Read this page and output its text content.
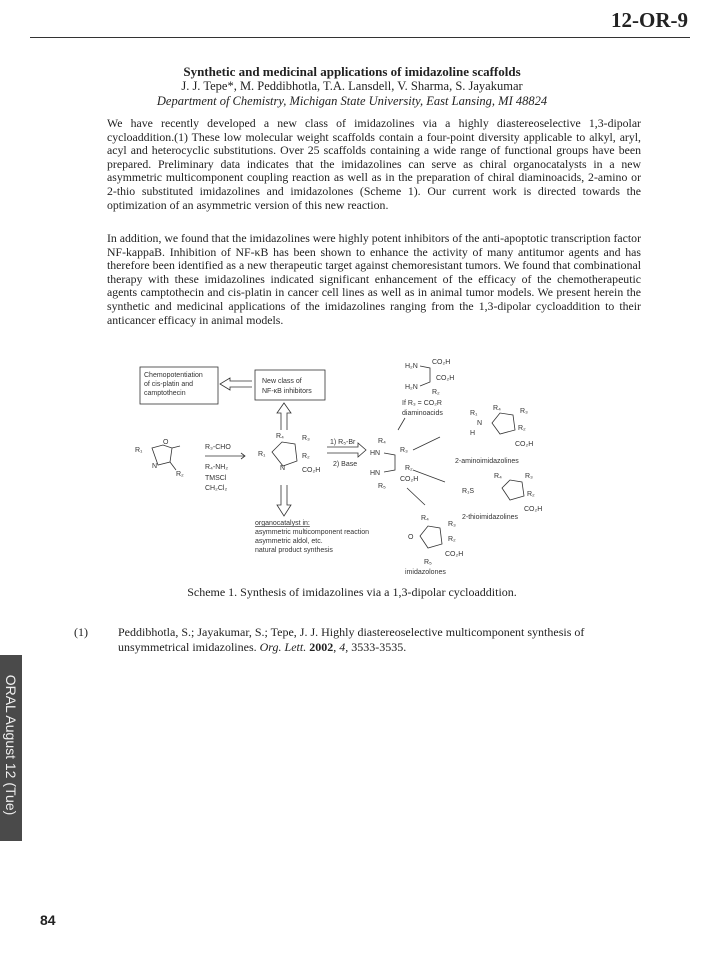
12-OR-9
Synthetic and medicinal applications of imidazoline scaffolds
J. J. Tepe*, M. Peddibhotla, T.A. Lansdell, V. Sharma, S. Jayakumar
Department of Chemistry, Michigan State University, East Lansing, MI 48824
We have recently developed a new class of imidazolines via a highly diastereoselective 1,3-dipolar cycloaddition.(1) These low molecular weight scaffolds contain a four-point diversity applicable to alkyl, aryl, acyl and heterocyclic substitutions. Over 25 scaffolds containing a wide range of functional groups have been prepared. Preliminary data indicates that the imidazolines can serve as chiral organocatalysts in a new asymmetric multicomponent coupling reaction as well as in the preparation of chiral diaminoacids, 2-amino or 2-thio substituted imidazolines and imidazolones (Scheme 1). Our current work is directed towards the optimization of an asymmetric version of this new reaction.
In addition, we found that the imidazolines were highly potent inhibitors of the anti-apoptotic transcription factor NF-kappaB. Inhibition of NF-κB has been shown to enhance the activity of many antitumor agents and has therefore been identified as a new therapeutic target against chemoresistant tumors. We found that combinational therapy with these imidazolines indicated significant enhancement of the efficacy of the chemotherapeutic agents camptothecin and cis-platin in cancer cell lines as well as in animal tumor models. We present herein the synthetic and medicinal applications of the imidazolines ranging from the 1,3-dipolar cycloaddition to their anticancer efficacy in animal models.
Chemopotentiation
of cis-platin and
camptothecin
New class of
NF-κB inhibitors
1) R₅-Br
2) Base
R₁
O
N
R₂
R₃-CHO
R₄-NH₂
TMSCl
CH₂Cl₂
R₄
R₁
R₃
R₂
CO₂H
N
R₄
HN	R₃
HN
R₂
CO₂H
R₅
H₂N
CO₂H
H₂N
CO₂H
R₂
If R₃ = CO₂R
diaminoacids
R₄	R₃
R₁
N
H
R₂
CO₂H
2-aminoimidazolines
R₄	R₃
R₁S	R₂
CO₂H
2-thioimidazolines
R₄
R₃
O	R₂
CO₂H
R₅
imidazolones
organocatalyst in:
asymmetric multicomponent reaction
asymmetric aldol, etc.
natural product synthesis
Scheme 1. Synthesis of imidazolines via a 1,3-dipolar cycloaddition.
(1)	Peddibhotla, S.; Jayakumar, S.; Tepe, J. J. Highly diastereoselective multicomponent synthesis of unsymmetrical imidazolines. Org. Lett. 2002, 4, 3533-3535.
ORAL August 12 (Tue)
84
